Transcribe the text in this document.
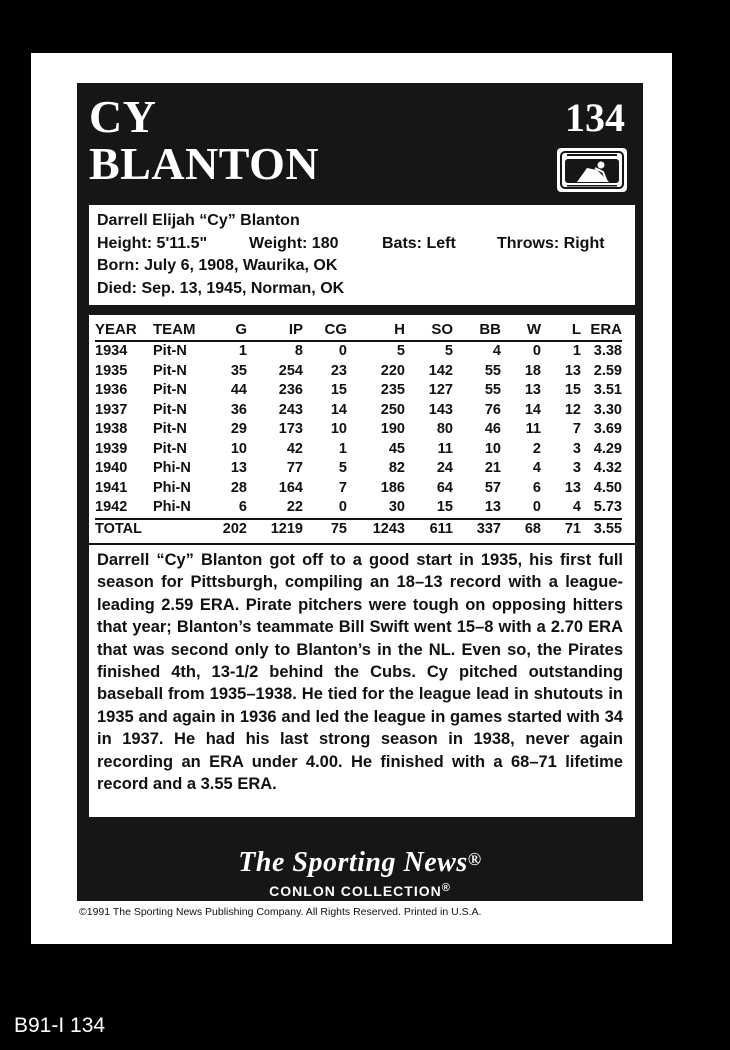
CY
BLANTON
134
Darrell Elijah “Cy” Blanton
Height: 5'11.5"	Weight: 180	Bats: Left	Throws: Right
Born: July 6, 1908, Waurika, OK
Died: Sep. 13, 1945, Norman, OK
YEAR	TEAM	G	IP	CG	H	SO	BB	W	L	ERA
1934	Pit-N	1	8	0	5	5	4	0	1	3.38
1935	Pit-N	35	254	23	220	142	55	18	13	2.59
1936	Pit-N	44	236	15	235	127	55	13	15	3.51
1937	Pit-N	36	243	14	250	143	76	14	12	3.30
1938	Pit-N	29	173	10	190	80	46	11	7	3.69
1939	Pit-N	10	42	1	45	11	10	2	3	4.29
1940	Phi-N	13	77	5	82	24	21	4	3	4.32
1941	Phi-N	28	164	7	186	64	57	6	13	4.50
1942	Phi-N	6	22	0	30	15	13	0	4	5.73
TOTAL		202	1219	75	1243	611	337	68	71	3.55
Darrell “Cy” Blanton got off to a good start in 1935, his first full season for Pittsburgh, compiling an 18–13 record with a league-leading 2.59 ERA. Pirate pitchers were tough on opposing hitters that year; Blanton’s teammate Bill Swift went 15–8 with a 2.70 ERA that was second only to Blanton’s in the NL. Even so, the Pirates finished 4th, 13-1/2 behind the Cubs. Cy pitched outstanding baseball from 1935–1938. He tied for the league lead in shutouts in 1935 and again in 1936 and led the league in games started with 34 in 1937. He had his last strong season in 1938, never again recording an ERA under 4.00. He finished with a 68–71 lifetime record and a 3.55 ERA.
The Sporting News®
CONLON COLLECTION®
©1991 The Sporting News Publishing Company. All Rights Reserved. Printed in U.S.A.
B91-I 134
